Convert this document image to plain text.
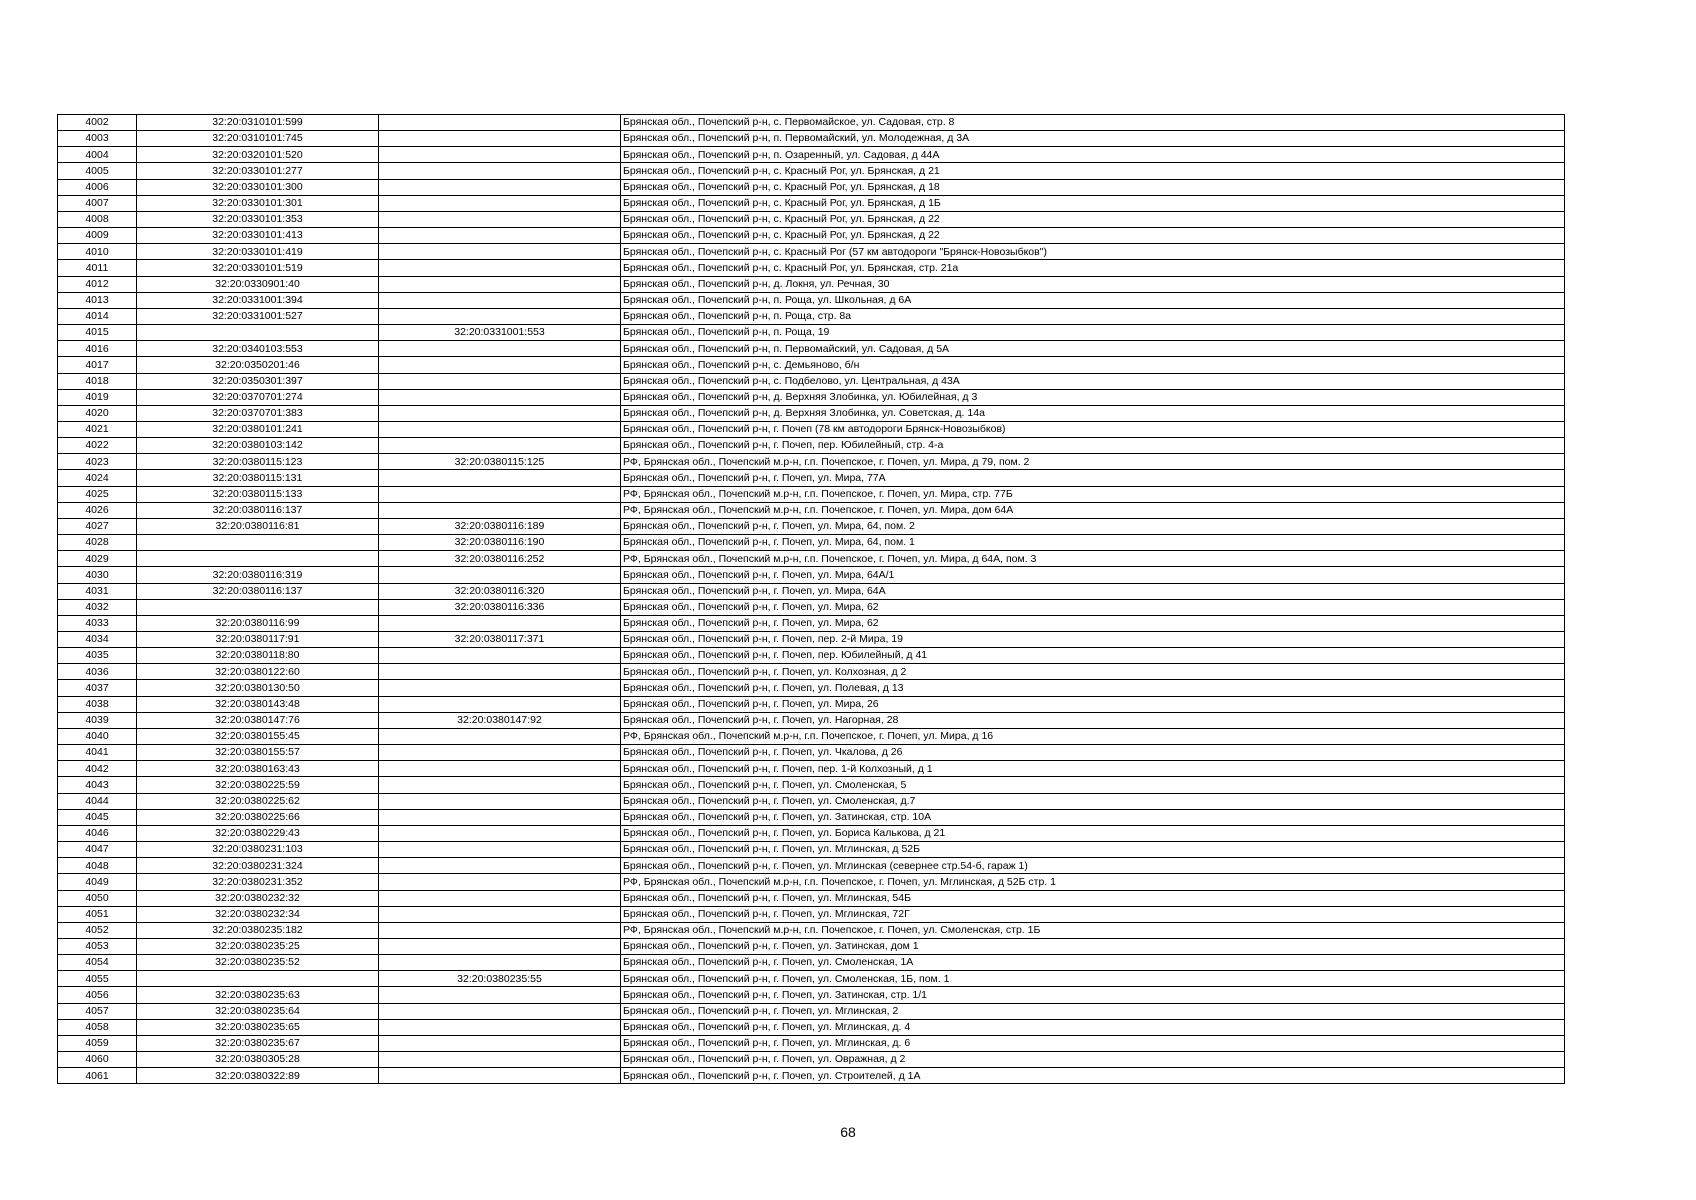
4002	32:20:0310101:599		Брянская обл., Почепский р-н, с. Первомайское, ул. Садовая, стр. 8
4003	32:20:0310101:745		Брянская обл., Почепский р-н, п. Первомайский, ул. Молодежная, д 3А
4004	32:20:0320101:520		Брянская обл., Почепский р-н, п. Озаренный, ул. Садовая, д 44А
4005	32:20:0330101:277		Брянская обл., Почепский р-н, с. Красный Рог, ул. Брянская, д 21
4006	32:20:0330101:300		Брянская обл., Почепский р-н, с. Красный Рог, ул. Брянская, д 18
4007	32:20:0330101:301		Брянская обл., Почепский р-н, с. Красный Рог, ул. Брянская, д 1Б
4008	32:20:0330101:353		Брянская обл., Почепский р-н, с. Красный Рог, ул. Брянская, д 22
4009	32:20:0330101:413		Брянская обл., Почепский р-н, с. Красный Рог, ул. Брянская, д 22
4010	32:20:0330101:419		Брянская обл., Почепский р-н, с. Красный Рог (57 км автодороги "Брянск-Новозыбков")
4011	32:20:0330101:519		Брянская обл., Почепский р-н, с. Красный Рог, ул. Брянская, стр. 21а
4012	32:20:0330901:40		Брянская обл., Почепский р-н, д. Локня, ул. Речная, 30
4013	32:20:0331001:394		Брянская обл., Почепский р-н, п. Роща, ул. Школьная, д 6А
4014	32:20:0331001:527		Брянская обл., Почепский р-н, п. Роща, стр. 8а
4015		32:20:0331001:553	Брянская обл., Почепский р-н, п. Роща, 19
4016	32:20:0340103:553		Брянская обл., Почепский р-н, п. Первомайский, ул. Садовая, д 5А
4017	32:20:0350201:46		Брянская обл., Почепский р-н, с. Демьяново, б/н
4018	32:20:0350301:397		Брянская обл., Почепский р-н, с. Подбелово, ул. Центральная, д 43А
4019	32:20:0370701:274		Брянская обл., Почепский р-н, д. Верхняя Злобинка, ул. Юбилейная, д 3
4020	32:20:0370701:383		Брянская обл., Почепский р-н, д. Верхняя Злобинка, ул. Советская, д. 14а
4021	32:20:0380101:241		Брянская обл., Почепский р-н, г. Почеп (78 км автодороги Брянск-Новозыбков)
4022	32:20:0380103:142		Брянская обл., Почепский р-н, г. Почеп, пер. Юбилейный, стр. 4-а
4023	32:20:0380115:123	32:20:0380115:125	РФ, Брянская обл., Почепский м.р-н, г.п. Почепское, г. Почеп, ул. Мира, д 79, пом. 2
4024	32:20:0380115:131		Брянская обл., Почепский р-н, г. Почеп, ул. Мира, 77А
4025	32:20:0380115:133		РФ, Брянская обл., Почепский м.р-н, г.п. Почепское, г. Почеп, ул. Мира, стр. 77Б
4026	32:20:0380116:137		РФ, Брянская обл., Почепский м.р-н, г.п. Почепское, г. Почеп, ул. Мира, дом 64А
4027	32:20:0380116:81	32:20:0380116:189	Брянская обл., Почепский р-н, г. Почеп, ул. Мира, 64, пом. 2
4028		32:20:0380116:190	Брянская обл., Почепский р-н, г. Почеп, ул. Мира, 64, пом. 1
4029		32:20:0380116:252	РФ, Брянская обл., Почепский м.р-н, г.п. Почепское, г. Почеп, ул. Мира, д 64А, пом. 3
4030	32:20:0380116:319		Брянская обл., Почепский р-н, г. Почеп, ул. Мира, 64А/1
4031	32:20:0380116:137	32:20:0380116:320	Брянская обл., Почепский р-н, г. Почеп, ул. Мира, 64А
4032		32:20:0380116:336	Брянская обл., Почепский р-н, г. Почеп, ул. Мира, 62
4033	32:20:0380116:99		Брянская обл., Почепский р-н, г. Почеп, ул. Мира, 62
4034	32:20:0380117:91	32:20:0380117:371	Брянская обл., Почепский р-н, г. Почеп, пер. 2-й Мира, 19
4035	32:20:0380118:80		Брянская обл., Почепский р-н, г. Почеп, пер. Юбилейный, д 41
4036	32:20:0380122:60		Брянская обл., Почепский р-н, г. Почеп, ул. Колхозная, д 2
4037	32:20:0380130:50		Брянская обл., Почепский р-н, г. Почеп, ул. Полевая, д 13
4038	32:20:0380143:48		Брянская обл., Почепский р-н, г. Почеп, ул. Мира, 26
4039	32:20:0380147:76	32:20:0380147:92	Брянская обл., Почепский р-н, г. Почеп, ул. Нагорная, 28
4040	32:20:0380155:45		РФ, Брянская обл., Почепский м.р-н, г.п. Почепское, г. Почеп, ул. Мира, д 16
4041	32:20:0380155:57		Брянская обл., Почепский р-н, г. Почеп, ул. Чкалова, д 26
4042	32:20:0380163:43		Брянская обл., Почепский р-н, г. Почеп, пер. 1-й Колхозный, д 1
4043	32:20:0380225:59		Брянская обл., Почепский р-н, г. Почеп, ул. Смоленская, 5
4044	32:20:0380225:62		Брянская обл., Почепский р-н, г. Почеп, ул. Смоленская, д.7
4045	32:20:0380225:66		Брянская обл., Почепский р-н, г. Почеп, ул. Затинская, стр. 10А
4046	32:20:0380229:43		Брянская обл., Почепский р-н, г. Почеп, ул. Бориса Калькова, д 21
4047	32:20:0380231:103		Брянская обл., Почепский р-н, г. Почеп, ул. Мглинская, д 52Б
4048	32:20:0380231:324		Брянская обл., Почепский р-н, г. Почеп, ул. Мглинская (севернее стр.54-б, гараж 1)
4049	32:20:0380231:352		РФ, Брянская обл., Почепский м.р-н, г.п. Почепское, г. Почеп, ул. Мглинская, д 52Б стр. 1
4050	32:20:0380232:32		Брянская обл., Почепский р-н, г. Почеп, ул. Мглинская, 54Б
4051	32:20:0380232:34		Брянская обл., Почепский р-н, г. Почеп, ул. Мглинская, 72Г
4052	32:20:0380235:182		РФ, Брянская обл., Почепский м.р-н, г.п. Почепское, г. Почеп, ул. Смоленская, стр. 1Б
4053	32:20:0380235:25		Брянская обл., Почепский р-н, г. Почеп, ул. Затинская, дом 1
4054	32:20:0380235:52		Брянская обл., Почепский р-н, г. Почеп, ул. Смоленская, 1А
4055		32:20:0380235:55	Брянская обл., Почепский р-н, г. Почеп, ул. Смоленская, 1Б, пом. 1
4056	32:20:0380235:63		Брянская обл., Почепский р-н, г. Почеп, ул. Затинская, стр. 1/1
4057	32:20:0380235:64		Брянская обл., Почепский р-н, г. Почеп, ул. Мглинская, 2
4058	32:20:0380235:65		Брянская обл., Почепский р-н, г. Почеп, ул. Мглинская, д. 4
4059	32:20:0380235:67		Брянская обл., Почепский р-н, г. Почеп, ул. Мглинская, д. 6
4060	32:20:0380305:28		Брянская обл., Почепский р-н, г. Почеп, ул. Овражная, д 2
4061	32:20:0380322:89		Брянская обл., Почепский р-н, г. Почеп, ул. Строителей, д 1А
68
